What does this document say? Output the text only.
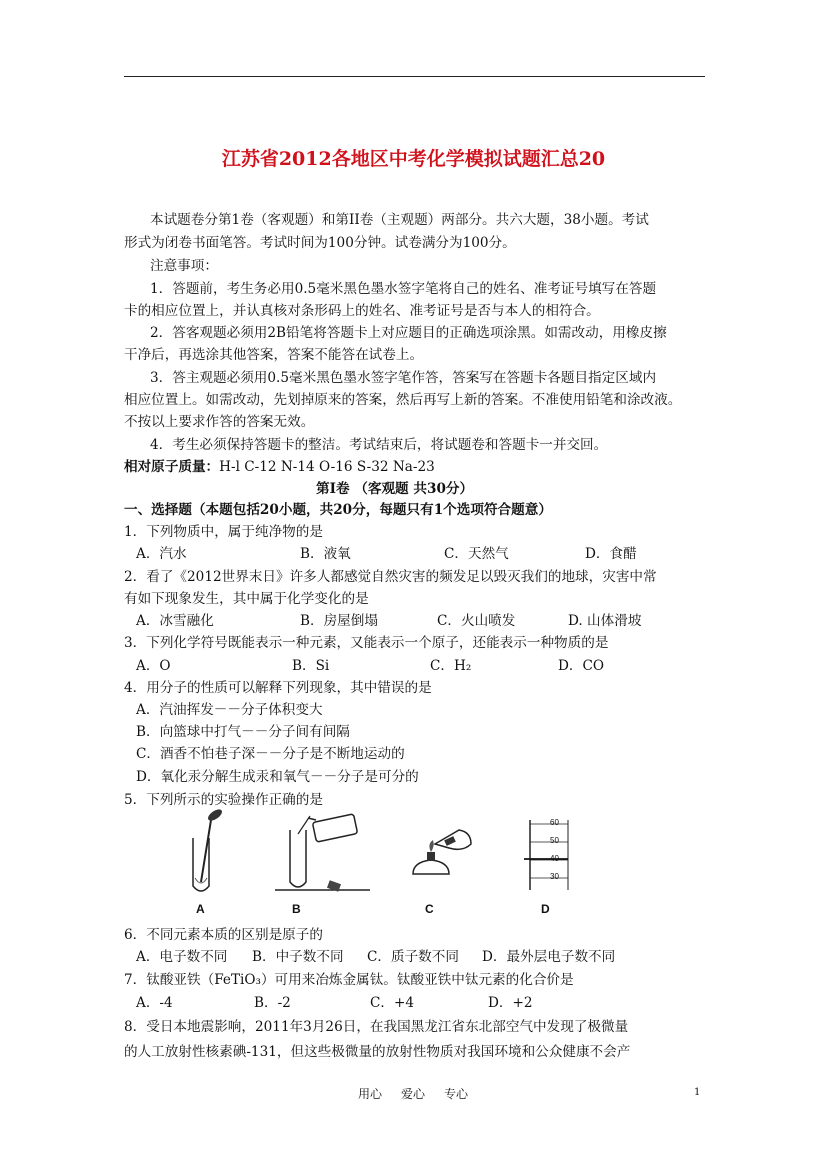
江苏省2012各地区中考化学模拟试题汇总20
本试题卷分第1卷（客观题）和第II卷（主观题）两部分。共六大题，38小题。考试
形式为闭卷书面笔答。考试时间为100分钟。试卷满分为100分。
注意事项：
1．答题前，考生务必用0.5毫米黑色墨水签字笔将自己的姓名、准考证号填写在答题
卡的相应位置上，并认真核对条形码上的姓名、准考证号是否与本人的相符合。
2．答客观题必须用2B铅笔将答题卡上对应题目的正确选项涂黑。如需改动，用橡皮擦
干净后，再选涂其他答案，答案不能答在试卷上。
3．答主观题必须用0.5毫米黑色墨水签字笔作答，答案写在答题卡各题目指定区域内
相应位置上。如需改动，先划掉原来的答案，然后再写上新的答案。不准使用铅笔和涂改液。
不按以上要求作答的答案无效。
4．考生必须保持答题卡的整洁。考试结束后，将试题卷和答题卡一并交回。
相对原子质量：H-l C-12 N-14 O-16 S-32 Na-23
第Ⅰ卷 （客观题 共30分）
一、选择题（本题包括20小题，共20分，每题只有1个选项符合题意）
1．下列物质中，属于纯净物的是
A．汽水	B．液氧	C．天然气	D．食醋
2．看了《2012世界末日》许多人都感觉自然灾害的频发足以毁灭我们的地球，灾害中常
有如下现象发生，其中属于化学变化的是
A．冰雪融化	B．房屋倒塌	C．火山喷发	D. 山体滑坡
3．下列化学符号既能表示一种元素，又能表示一个原子，还能表示一种物质的是
A．O	B．Si	C．H₂	D．CO
4．用分子的性质可以解释下列现象，其中错误的是
A．汽油挥发－－分子体积变大
B．向篮球中打气－－分子间有间隔
C．酒香不怕巷子深－－分子是不断地运动的
D．氧化汞分解生成汞和氧气－－分子是可分的
5．下列所示的实验操作正确的是
A	B	C
60
50
40
30
D
6．不同元素本质的区别是原子的
A．电子数不同 B．中子数不同 C．质子数不同 D．最外层电子数不同
7．钛酸亚铁（FeTiO₃）可用来冶炼金属钛。钛酸亚铁中钛元素的化合价是
A．-4	B．-2	C．+4	D．+2
8．受日本地震影响，2011年3月26日，在我国黑龙江省东北部空气中发现了极微量
的人工放射性核素碘-131，但这些极微量的放射性物质对我国环境和公众健康不会产
用心 爱心 专心	1
